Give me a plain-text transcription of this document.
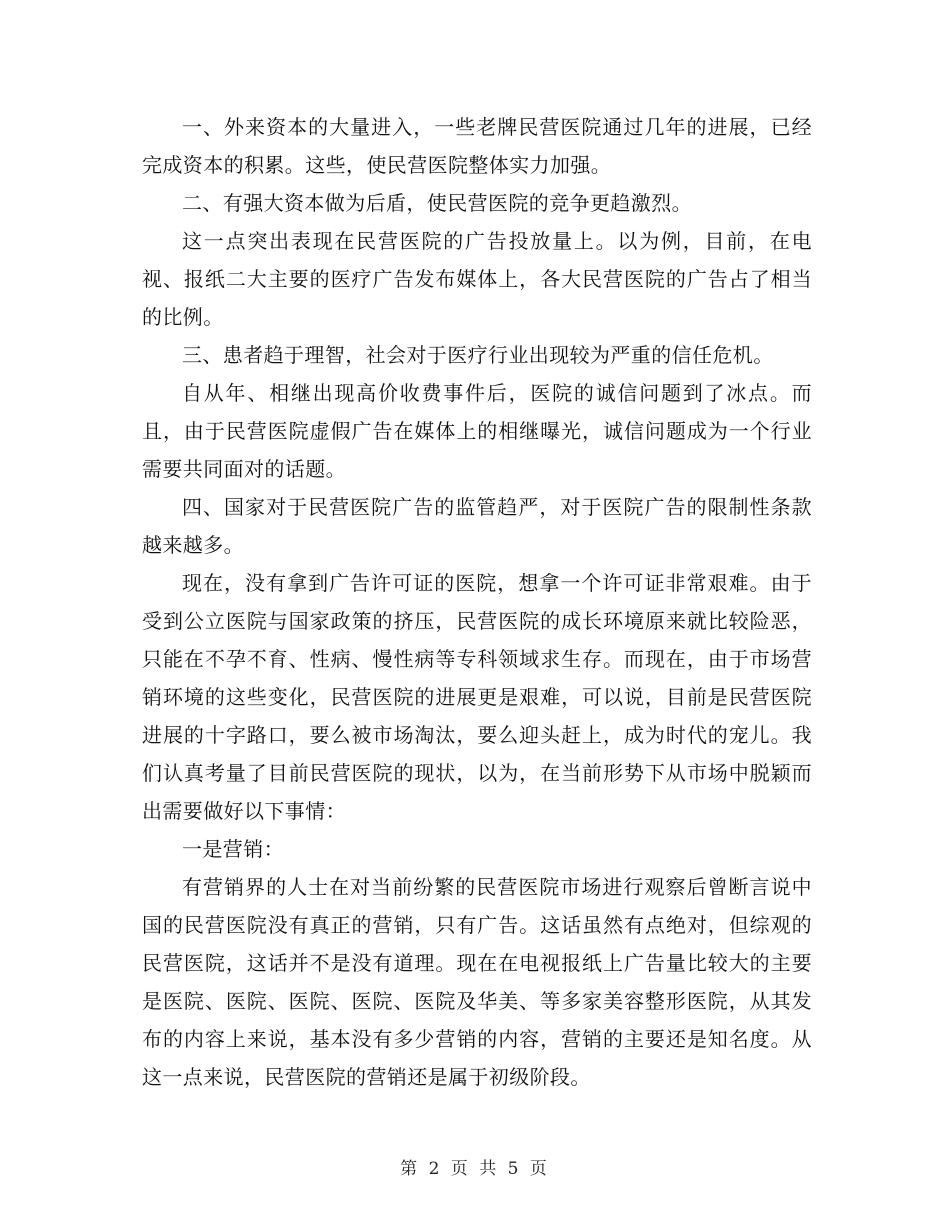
一、外来资本的大量进入，一些老牌民营医院通过几年的进展，已经完成资本的积累。这些，使民营医院整体实力加强。

二、有强大资本做为后盾，使民营医院的竞争更趋激烈。

这一点突出表现在民营医院的广告投放量上。以为例，目前，在电视、报纸二大主要的医疗广告发布媒体上，各大民营医院的广告占了相当的比例。

三、患者趋于理智，社会对于医疗行业出现较为严重的信任危机。

自从年、相继出现高价收费事件后，医院的诚信问题到了冰点。而且，由于民营医院虚假广告在媒体上的相继曝光，诚信问题成为一个行业需要共同面对的话题。

四、国家对于民营医院广告的监管趋严，对于医院广告的限制性条款越来越多。

现在，没有拿到广告许可证的医院，想拿一个许可证非常艰难。由于受到公立医院与国家政策的挤压，民营医院的成长环境原来就比较险恶，只能在不孕不育、性病、慢性病等专科领域求生存。而现在，由于市场营销环境的这些变化，民营医院的进展更是艰难，可以说，目前是民营医院进展的十字路口，要么被市场淘汰，要么迎头赶上，成为时代的宠儿。我们认真考量了目前民营医院的现状，以为，在当前形势下从市场中脱颖而出需要做好以下事情：

一是营销：

有营销界的人士在对当前纷繁的民营医院市场进行观察后曾断言说中国的民营医院没有真正的营销，只有广告。这话虽然有点绝对，但综观的民营医院，这话并不是没有道理。现在在电视报纸上广告量比较大的主要是医院、医院、医院、医院、医院及华美、等多家美容整形医院，从其发布的内容上来说，基本没有多少营销的内容，营销的主要还是知名度。从这一点来说，民营医院的营销还是属于初级阶段。

第 2 页 共 5 页
